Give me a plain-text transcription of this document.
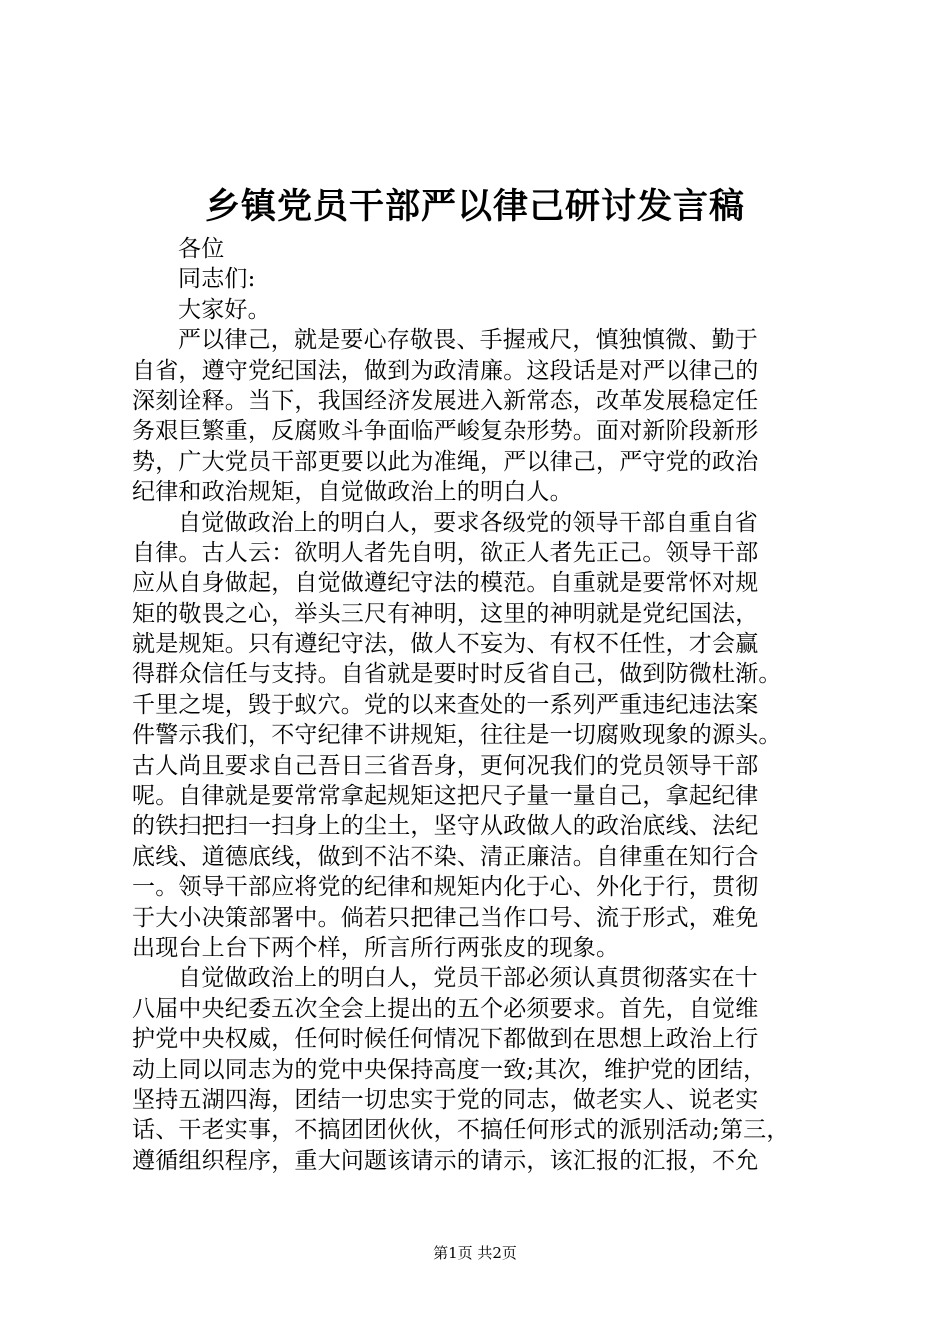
乡镇党员干部严以律己研讨发言稿
各位
同志们:
大家好。
严以律己，就是要心存敬畏、手握戒尺，慎独慎微、勤于
自省，遵守党纪国法，做到为政清廉。这段话是对严以律己的
深刻诠释。当下，我国经济发展进入新常态，改革发展稳定任
务艰巨繁重，反腐败斗争面临严峻复杂形势。面对新阶段新形
势，广大党员干部更要以此为准绳，严以律己，严守党的政治
纪律和政治规矩，自觉做政治上的明白人。
自觉做政治上的明白人，要求各级党的领导干部自重自省
自律。古人云：欲明人者先自明，欲正人者先正己。领导干部
应从自身做起，自觉做遵纪守法的模范。自重就是要常怀对规
矩的敬畏之心，举头三尺有神明，这里的神明就是党纪国法，
就是规矩。只有遵纪守法，做人不妄为、有权不任性，才会赢
得群众信任与支持。自省就是要时时反省自己，做到防微杜渐。
千里之堤，毁于蚁穴。党的以来查处的一系列严重违纪违法案
件警示我们，不守纪律不讲规矩，往往是一切腐败现象的源头。
古人尚且要求自己吾日三省吾身，更何况我们的党员领导干部
呢。自律就是要常常拿起规矩这把尺子量一量自己，拿起纪律
的铁扫把扫一扫身上的尘土，坚守从政做人的政治底线、法纪
底线、道德底线，做到不沾不染、清正廉洁。自律重在知行合
一。领导干部应将党的纪律和规矩内化于心、外化于行，贯彻
于大小决策部署中。倘若只把律己当作口号、流于形式，难免
出现台上台下两个样，所言所行两张皮的现象。
自觉做政治上的明白人，党员干部必须认真贯彻落实在十
八届中央纪委五次全会上提出的五个必须要求。首先，自觉维
护党中央权威，任何时候任何情况下都做到在思想上政治上行
动上同以同志为的党中央保持高度一致;其次，维护党的团结，
坚持五湖四海，团结一切忠实于党的同志，做老实人、说老实
话、干老实事，不搞团团伙伙，不搞任何形式的派别活动;第三，
遵循组织程序，重大问题该请示的请示，该汇报的汇报，不允
第1页 共2页
